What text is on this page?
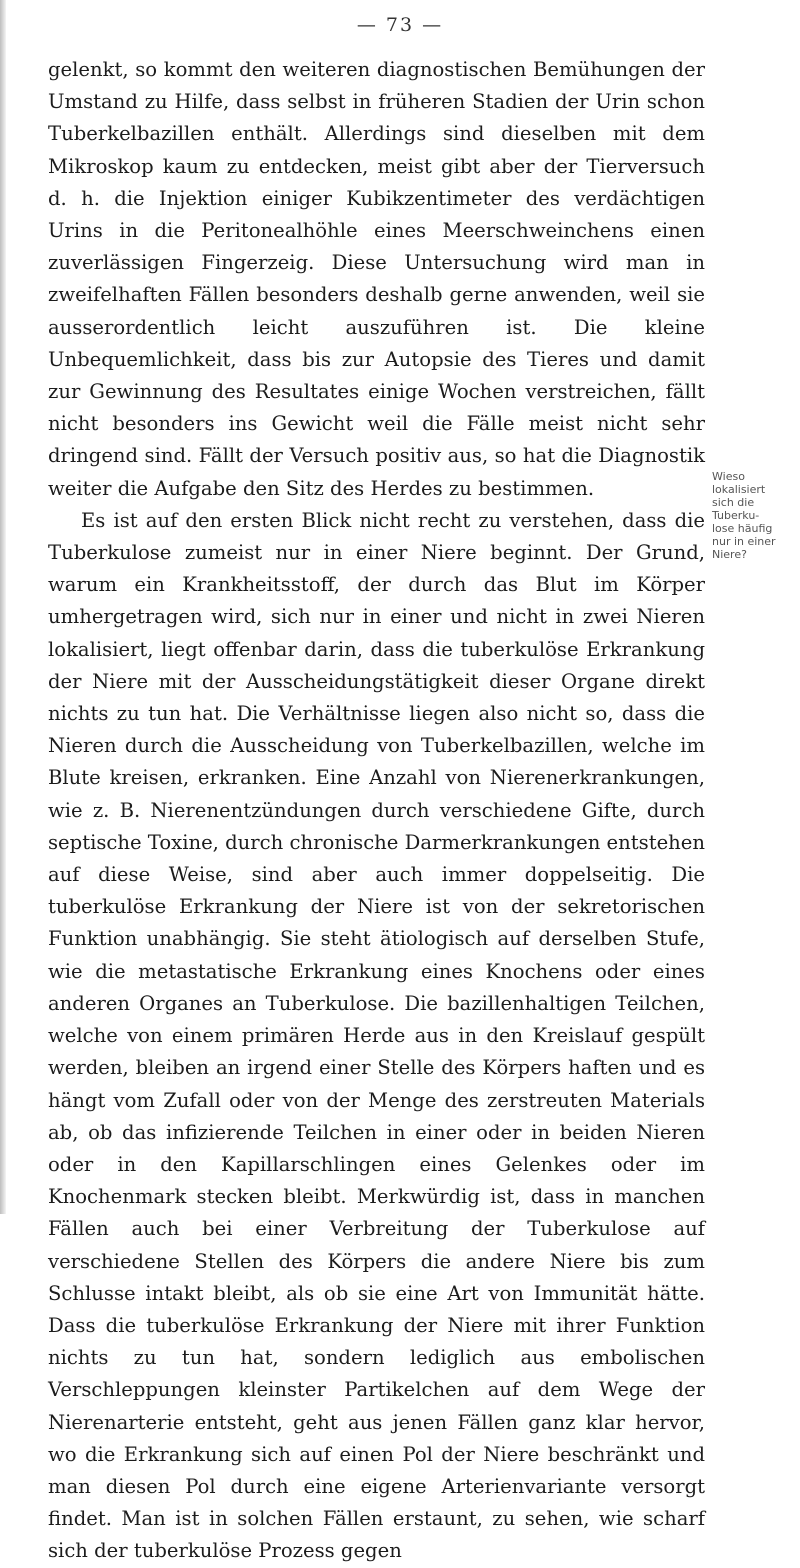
— 73 —

gelenkt, so kommt den weiteren diagnostischen Bemühungen der Umstand zu Hilfe, dass selbst in früheren Stadien der Urin schon Tuberkelbazillen enthält. Allerdings sind dieselben mit dem Mikroskop kaum zu entdecken, meist gibt aber der Tierversuch d. h. die Injektion einiger Kubikzentimeter des verdächtigen Urins in die Peritonealhöhle eines Meerschweinchens einen zuverlässigen Fingerzeig. Diese Untersuchung wird man in zweifelhaften Fällen besonders deshalb gerne anwenden, weil sie ausserordentlich leicht auszuführen ist. Die kleine Unbequemlichkeit, dass bis zur Autopsie des Tieres und damit zur Gewinnung des Resultates einige Wochen verstreichen, fällt nicht besonders ins Gewicht weil die Fälle meist nicht sehr dringend sind. Fällt der Versuch positiv aus, so hat die Diagnostik weiter die Aufgabe den Sitz des Herdes zu bestimmen.

Es ist auf den ersten Blick nicht recht zu verstehen, dass die Tuberkulose zumeist nur in einer Niere beginnt. Der Grund, warum ein Krankheitsstoff, der durch das Blut im Körper umhergetragen wird, sich nur in einer und nicht in zwei Nieren lokalisiert, liegt offenbar darin, dass die tuberkulöse Erkrankung der Niere mit der Ausscheidungstätigkeit dieser Organe direkt nichts zu tun hat. Die Verhältnisse liegen also nicht so, dass die Nieren durch die Ausscheidung von Tuberkelbazillen, welche im Blute kreisen, erkranken. Eine Anzahl von Nierenerkrankungen, wie z. B. Nierenentzündungen durch verschiedene Gifte, durch septische Toxine, durch chronische Darmerkrankungen entstehen auf diese Weise, sind aber auch immer doppelseitig. Die tuberkulöse Erkrankung der Niere ist von der sekretorischen Funktion unabhängig. Sie steht ätiologisch auf derselben Stufe, wie die metastatische Erkrankung eines Knochens oder eines anderen Organes an Tuberkulose. Die bazillenhaltigen Teilchen, welche von einem primären Herde aus in den Kreislauf gespült werden, bleiben an irgend einer Stelle des Körpers haften und es hängt vom Zufall oder von der Menge des zerstreuten Materials ab, ob das infizierende Teilchen in einer oder in beiden Nieren oder in den Kapillarschlingen eines Gelenkes oder im Knochenmark stecken bleibt. Merkwürdig ist, dass in manchen Fällen auch bei einer Verbreitung der Tuberkulose auf verschiedene Stellen des Körpers die andere Niere bis zum Schlusse intakt bleibt, als ob sie eine Art von Immunität hätte. Dass die tuberkulöse Erkrankung der Niere mit ihrer Funktion nichts zu tun hat, sondern lediglich aus embolischen Verschleppungen kleinster Partikelchen auf dem Wege der Nierenarterie entsteht, geht aus jenen Fällen ganz klar hervor, wo die Erkrankung sich auf einen Pol der Niere beschränkt und man diesen Pol durch eine eigene Arterienvariante versorgt findet. Man ist in solchen Fällen erstaunt, zu sehen, wie scharf sich der tuberkulöse Prozess gegen

Wieso
lokalisiert
sich die
Tuberku-
lose häufig
nur in einer
Niere?
